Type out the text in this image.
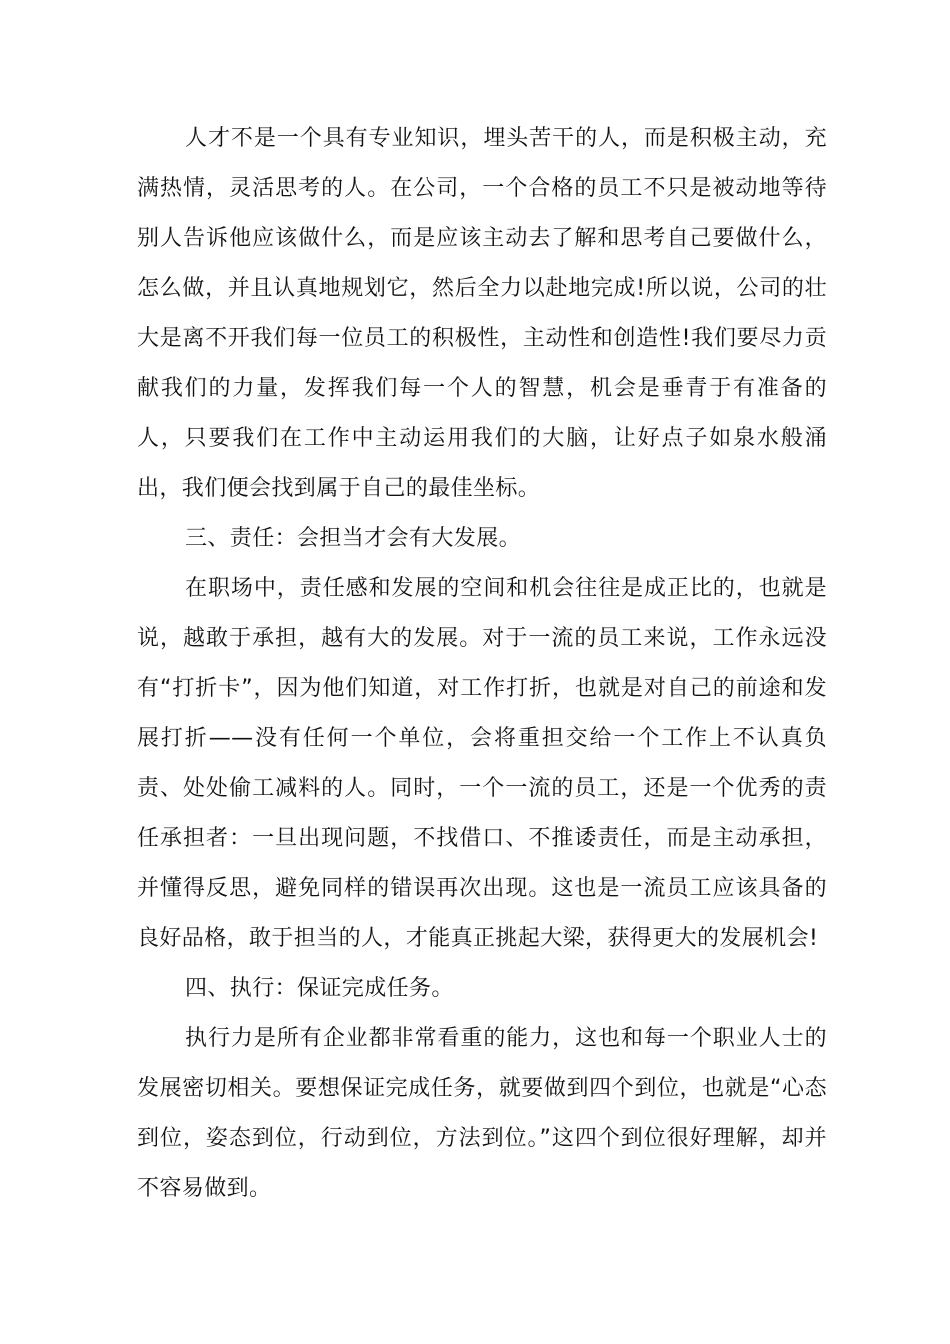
人才不是一个具有专业知识，埋头苦干的人，而是积极主动，充满热情，灵活思考的人。在公司，一个合格的员工不只是被动地等待别人告诉他应该做什么，而是应该主动去了解和思考自己要做什么，怎么做，并且认真地规划它，然后全力以赴地完成!所以说，公司的壮大是离不开我们每一位员工的积极性，主动性和创造性!我们要尽力贡献我们的力量，发挥我们每一个人的智慧，机会是垂青于有准备的人，只要我们在工作中主动运用我们的大脑，让好点子如泉水般涌出，我们便会找到属于自己的最佳坐标。

三、责任：会担当才会有大发展。

在职场中，责任感和发展的空间和机会往往是成正比的，也就是说，越敢于承担，越有大的发展。对于一流的员工来说，工作永远没有“打折卡”，因为他们知道，对工作打折，也就是对自己的前途和发展打折——没有任何一个单位，会将重担交给一个工作上不认真负责、处处偷工减料的人。同时，一个一流的员工，还是一个优秀的责任承担者：一旦出现问题，不找借口、不推诿责任，而是主动承担，并懂得反思，避免同样的错误再次出现。这也是一流员工应该具备的良好品格，敢于担当的人，才能真正挑起大梁，获得更大的发展机会!

四、执行：保证完成任务。

执行力是所有企业都非常看重的能力，这也和每一个职业人士的发展密切相关。要想保证完成任务，就要做到四个到位，也就是“心态到位，姿态到位，行动到位，方法到位。”这四个到位很好理解，却并不容易做到。
